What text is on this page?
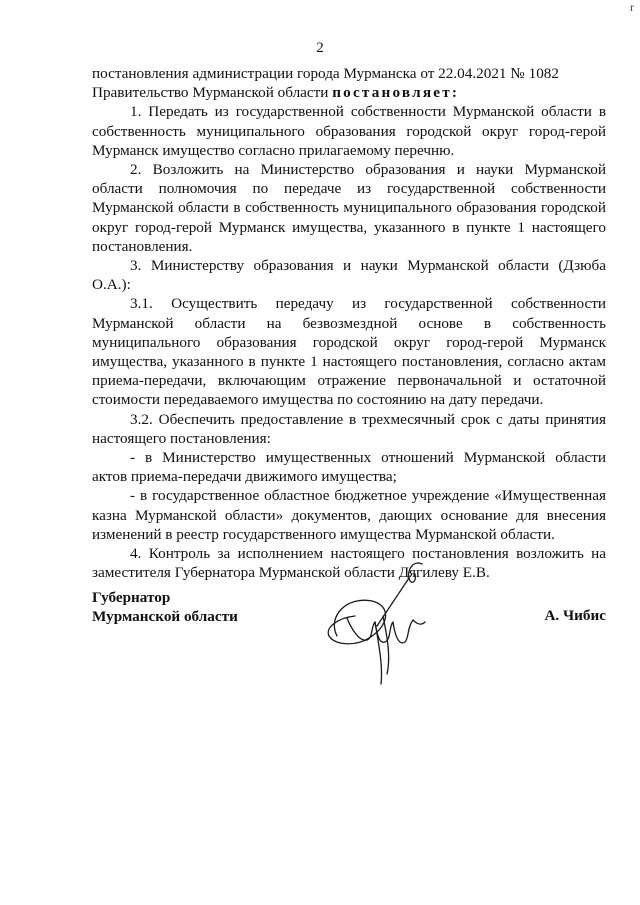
r
2

постановления администрации города Мурманска от 22.04.2021 № 1082

Правительство Мурманской области постановляет:

1. Передать из государственной собственности Мурманской области в собственность муниципального образования городской округ город-герой Мурманск имущество согласно прилагаемому перечню.

2. Возложить на Министерство образования и науки Мурманской области полномочия по передаче из государственной собственности Мурманской области в собственность муниципального образования городской округ город-герой Мурманск имущества, указанного в пункте 1 настоящего постановления.

3. Министерству образования и науки Мурманской области (Дзюба О.А.):

3.1. Осуществить передачу из государственной собственности Мурманской области на безвозмездной основе в собственность муниципального образования городской округ город-герой Мурманск имущества, указанного в пункте 1 настоящего постановления, согласно актам приема-передачи, включающим отражение первоначальной и остаточной стоимости передаваемого имущества по состоянию на дату передачи.

3.2. Обеспечить предоставление в трехмесячный срок с даты принятия настоящего постановления:

- в Министерство имущественных отношений Мурманской области актов приема-передачи движимого имущества;

- в государственное областное бюджетное учреждение «Имущественная казна Мурманской области» документов, дающих основание для внесения изменений в реестр государственного имущества Мурманской области.

4. Контроль за исполнением настоящего постановления возложить на заместителя Губернатора Мурманской области Дягилеву Е.В.

Губернатор
Мурманской области	А. Чибис
